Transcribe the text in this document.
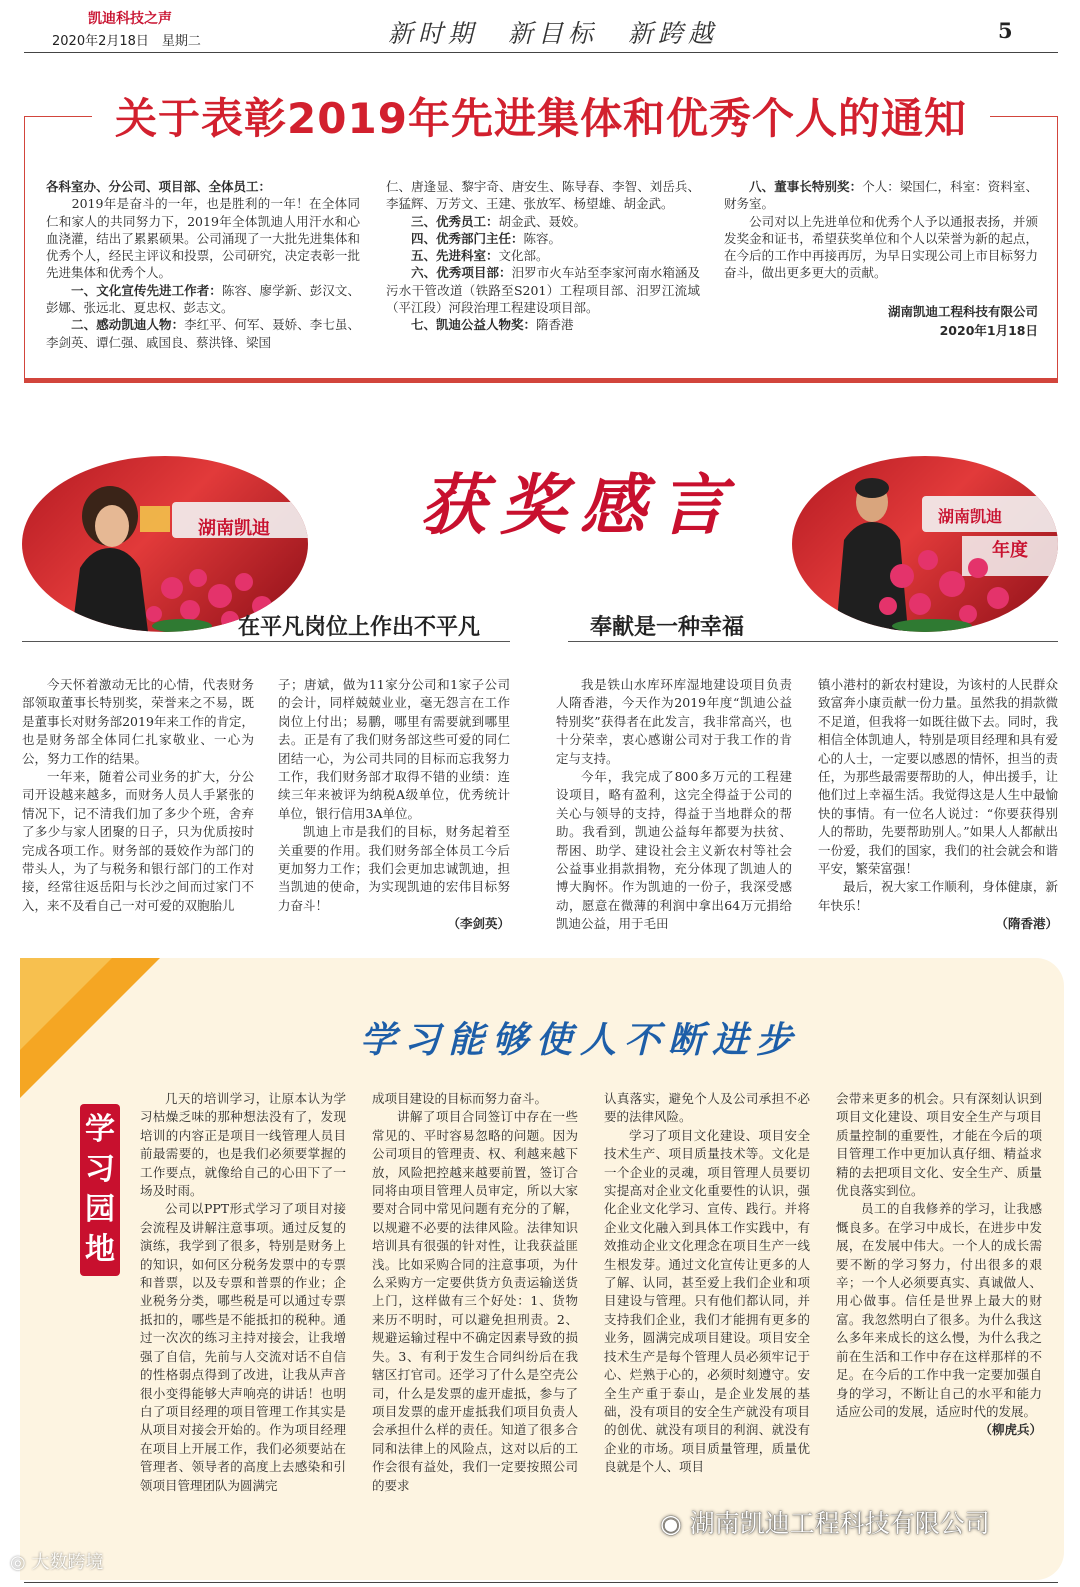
凯迪科技之声
2020年2月18日　星期二	新时期　新目标　新跨越	5
关于表彰2019年先进集体和优秀个人的通知

各科室办、分公司、项目部、全体员工：

　　2019年是奋斗的一年，也是胜利的一年！在全体同仁和家人的共同努力下，2019年全体凯迪人用汗水和心血浇灌，结出了累累硕果。公司涌现了一大批先进集体和优秀个人，经民主评议和投票，公司研究，决定表彰一批先进集体和优秀个人。

　　一、文化宣传先进工作者：陈容、廖学新、彭汉文、彭娜、张远北、夏忠权、彭志文。

　　二、感动凯迪人物：李红平、何军、聂娇、李七虽、李剑英、谭仁强、戚国良、蔡洪锋、梁国

仁、唐逢显、黎宇奇、唐安生、陈导春、李智、刘岳兵、李猛辉、万芳文、王建、张放军、杨望雄、胡金武。

　　三、优秀员工：胡金武、聂姣。

　　四、优秀部门主任：陈容。

　　五、先进科室：文化部。

　　六、优秀项目部：汨罗市火车站至李家河南水箱涵及污水干管改道（铁路至S201）工程项目部、汨罗江流域（平江段）河段治理工程建设项目部。

　　七、凯迪公益人物奖：隋香港

　　八、董事长特别奖：个人：梁国仁，科室：资料室、财务室。

　　公司对以上先进单位和优秀个人予以通报表扬，并颁发奖金和证书，希望获奖单位和个人以荣誉为新的起点，在今后的工作中再接再厉，为早日实现公司上市目标努力奋斗，做出更多更大的贡献。

湖南凯迪工程科技有限公司
2020年1月18日
湖南凯迪	获奖感言	湖南凯迪
年度
在平凡岗位上作出不平凡	奉献是一种幸福

今天怀着激动无比的心情，代表财务部领取董事长特别奖，荣誉来之不易，既是董事长对财务部2019年来工作的肯定，也是财务部全体同仁扎家敬业、一心为公，努力工作的结果。

一年来，随着公司业务的扩大，分公司开设越来越多，而财务人员人手紧张的情况下，记不清我们加了多少个班，舍弃了多少与家人团聚的日子，只为优质按时完成各项工作。财务部的聂姣作为部门的带头人，为了与税务和银行部门的工作对接，经常往返岳阳与长沙之间而过家门不入，来不及看自己一对可爱的双胞胎儿

子；唐斌，做为11家分公司和1家子公司的会计，同样兢兢业业，毫无怨言在工作岗位上付出；易鹏，哪里有需要就到哪里去。正是有了我们财务部这些可爱的同仁团结一心，为公司共同的目标而忘我努力工作，我们财务部才取得不错的业绩：连续三年来被评为纳税A级单位，优秀统计单位，银行信用3A单位。

凯迪上市是我们的目标，财务起着至关重要的作用。我们财务部全体员工今后更加努力工作；我们会更加忠诚凯迪，担当凯迪的使命，为实现凯迪的宏伟目标努力奋斗！

（李剑英）

我是铁山水库环库湿地建设项目负责人隋香港，今天作为2019年度“凯迪公益特别奖”获得者在此发言，我非常高兴，也十分荣幸，衷心感谢公司对于我工作的肯定与支持。

今年，我完成了800多万元的工程建设项目，略有盈利，这完全得益于公司的关心与领导的支持，得益于当地群众的帮助。我看到，凯迪公益每年都要为扶贫、帮困、助学、建设社会主义新农村等社会公益事业捐款捐物，充分体现了凯迪人的博大胸怀。作为凯迪的一份子，我深受感动，愿意在微薄的利润中拿出64万元捐给凯迪公益，用于毛田

镇小港村的新农村建设，为该村的人民群众致富奔小康贡献一份力量。虽然我的捐款微不足道，但我将一如既往做下去。同时，我相信全体凯迪人，特别是项目经理和具有爱心的人士，一定要以感恩的情怀，担当的责任，为那些最需要帮助的人，伸出援手，让他们过上幸福生活。我觉得这是人生中最愉快的事情。有一位名人说过：“你要获得别人的帮助，先要帮助别人。”如果人人都献出一份爱，我们的国家，我们的社会就会和谐平安，繁荣富强！

最后，祝大家工作顺利，身体健康，新年快乐！

（隋香港）
学习能够使人不断进步
学习园地

几天的培训学习，让原本认为学习枯燥乏味的那种想法没有了，发现培训的内容正是项目一线管理人员目前最需要的，也是我们必须要掌握的工作要点，就像给自己的心田下了一场及时雨。

公司以PPT形式学习了项目对接会流程及讲解注意事项。通过反复的演练，我学到了很多，特别是财务上的知识，如何区分税务发票中的专票和普票，以及专票和普票的作业；企业税务分类，哪些税是可以通过专票抵扣的，哪些是不能抵扣的税种。通过一次次的练习主持对接会，让我增强了自信，先前与人交流对话不自信的性格弱点得到了改进，让我从声音很小变得能够大声响亮的讲话！也明白了项目经理的项目管理工作其实是从项目对接会开始的。作为项目经理在项目上开展工作，我们必须要站在管理者、领导者的高度上去感染和引领项目管理团队为圆满完

成项目建设的目标而努力奋斗。

讲解了项目合同签订中存在一些常见的、平时容易忽略的问题。因为公司项目的管理责、权、利越来越下放，风险把控越来越要前置，签订合同将由项目管理人员审定，所以大家要对合同中常见问题有充分的了解，以规避不必要的法律风险。法律知识培训具有很强的针对性，让我获益匪浅。比如采购合同的注意事项，为什么采购方一定要供货方负责运输送货上门，这样做有三个好处：1、货物来历不明时，可以避免担刑责。2、规避运输过程中不确定因素导致的损失。3、有利于发生合同纠纷后在我辖区打官司。还学习了什么是空壳公司，什么是发票的虚开虚抵，参与了项目发票的虚开虚抵我们项目负责人会承担什么样的责任。知道了很多合同和法律上的风险点，这对以后的工作会很有益处，我们一定要按照公司的要求

认真落实，避免个人及公司承担不必要的法律风险。

学习了项目文化建设、项目安全技术生产、项目质量技术等。文化是一个企业的灵魂，项目管理人员要切实提高对企业文化重要性的认识，强化企业文化学习、宣传、践行。并将企业文化融入到具体工作实践中，有效推动企业文化理念在项目生产一线生根发芽。通过文化宣传让更多的人了解、认同，甚至爱上我们企业和项目建设与管理。只有他们都认同，并支持我们企业，我们才能拥有更多的业务，圆满完成项目建设。项目安全技术生产是每个管理人员必须牢记于心、烂熟于心的，必须时刻遵守。安全生产重于泰山，是企业发展的基础，没有项目的安全生产就没有项目的创优、就没有项目的利润、就没有企业的市场。项目质量管理，质量优良就是个人、项目

会带来更多的机会。只有深刻认识到项目文化建设、项目安全生产与项目质量控制的重要性，才能在今后的项目管理工作中更加认真仔细、精益求精的去把项目文化、安全生产、质量优良落实到位。

员工的自我修养的学习，让我感慨良多。在学习中成长，在进步中发展，在发展中伟大。一个人的成长需要不断的学习努力，付出很多的艰辛；一个人必须要真实、真诚做人、用心做事。信任是世界上最大的财富。我忽然明白了很多。为什么我这么多年来成长的这么慢，为什么我之前在生活和工作中存在这样那样的不足。在今后的工作中我一定要加强自身的学习，不断让自己的水平和能力适应公司的发展，适应时代的发展。

（柳虎兵）
◎ 大数跨境
◉ 湖南凯迪工程科技有限公司
